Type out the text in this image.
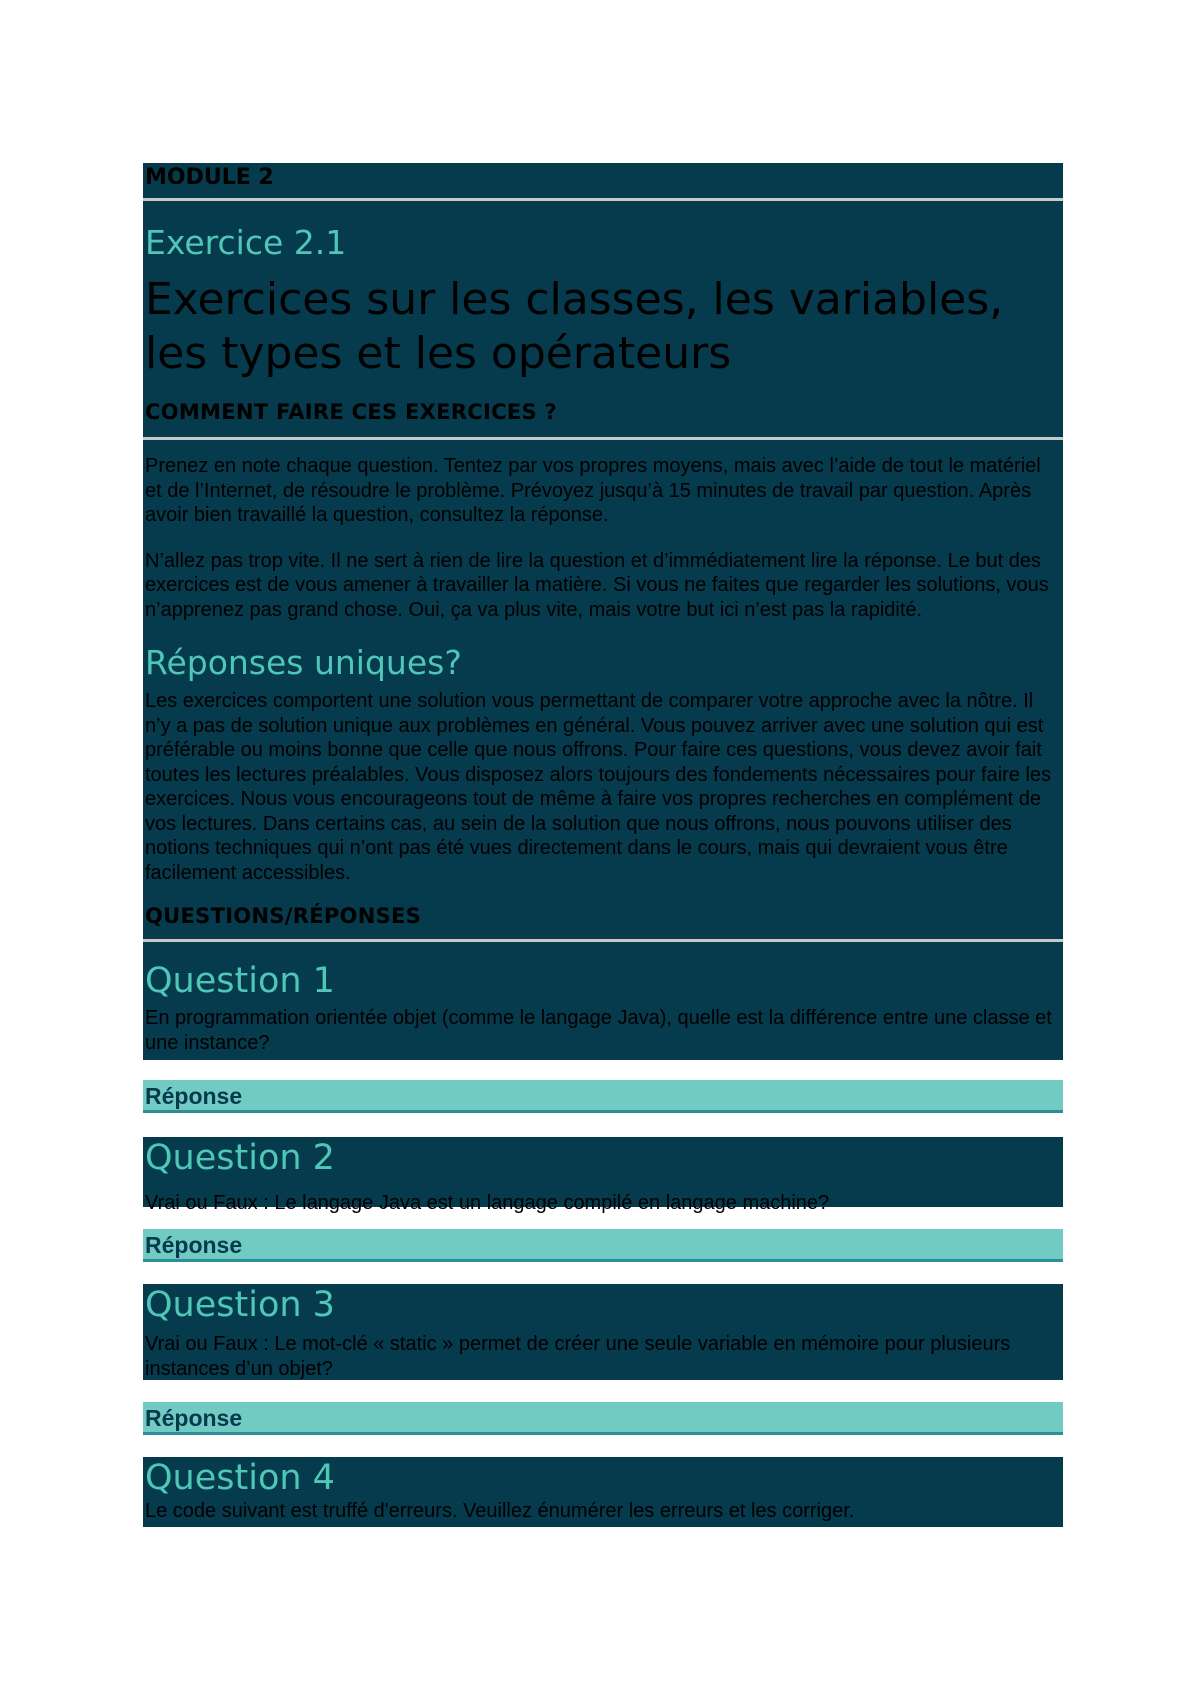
MODULE 2
Exercice 2.1
Exercices sur les classes, les variables, les types et les opérateurs
COMMENT FAIRE CES EXERCICES ?

Prenez en note chaque question. Tentez par vos propres moyens, mais avec l’aide de tout le matériel et de l’Internet, de résoudre le problème. Prévoyez jusqu’à 15 minutes de travail par question. Après avoir bien travaillé la question, consultez la réponse.

N’allez pas trop vite. Il ne sert à rien de lire la question et d’immédiatement lire la réponse. Le but des exercices est de vous amener à travailler la matière. Si vous ne faites que regarder les solutions, vous n’apprenez pas grand chose. Oui, ça va plus vite, mais votre but ici n’est pas la rapidité.

Réponses uniques?

Les exercices comportent une solution vous permettant de comparer votre approche avec la nôtre. Il n’y a pas de solution unique aux problèmes en général. Vous pouvez arriver avec une solution qui est préférable ou moins bonne que celle que nous offrons. Pour faire ces questions, vous devez avoir fait toutes les lectures préalables. Vous disposez alors toujours des fondements nécessaires pour faire les exercices. Nous vous encourageons tout de même à faire vos propres recherches en complément de vos lectures. Dans certains cas, au sein de la solution que nous offrons, nous pouvons utiliser des notions techniques qui n’ont pas été vues directement dans le cours, mais qui devraient vous être facilement accessibles.

QUESTIONS/RÉPONSES
Question 1
En programmation orientée objet (comme le langage Java), quelle est la différence entre une classe et une instance?
Réponse
Question 2
Vrai ou Faux : Le langage Java est un langage compilé en langage machine?
Réponse
Question 3
Vrai ou Faux : Le mot-clé « static » permet de créer une seule variable en mémoire pour plusieurs instances d’un objet?
Réponse
Question 4
Le code suivant est truffé d'erreurs. Veuillez énumérer les erreurs et les corriger.
